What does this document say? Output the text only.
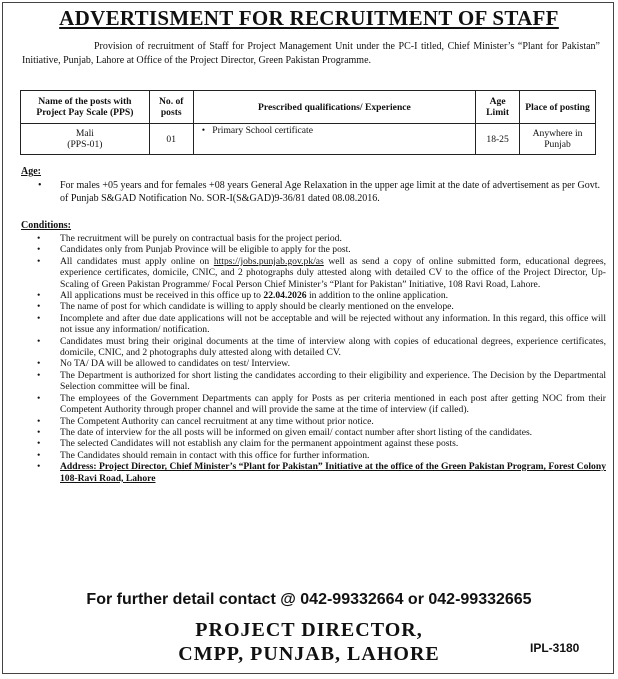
ADVERTISMENT FOR RECRUITMENT OF STAFF
Provision of recruitment of Staff for Project Management Unit under the PC-I titled, Chief Minister’s “Plant for Pakistan” Initiative, Punjab, Lahore at Office of the Project Director, Green Pakistan Programme.
Name of the posts with Project Pay Scale (PPS)	No. of posts	Prescribed qualifications/ Experience	Age Limit	Place of posting

Mali
(PPS-01)	01	• Primary School certificate	18-25	Anywhere in Punjab
Age:
•	For males +05 years and for females +08 years General Age Relaxation in the upper age limit at the date of advertisement as per Govt. of Punjab S&GAD Notification No. SOR-I(S&GAD)9-36/81 dated 08.08.2016.
Conditions:
• The recruitment will be purely on contractual basis for the project period.
• Candidates only from Punjab Province will be eligible to apply for the post.
• All candidates must apply online on https://jobs.punjab.gov.pk/as well as send a copy of online submitted form, educational degrees, experience certificates, domicile, CNIC, and 2 photographs duly attested along with detailed CV to the office of the Project Director, Up-Scaling of Green Pakistan Programme/ Focal Person Chief Minister’s “Plant for Pakistan” Initiative, 108 Ravi Road, Lahore.
• All applications must be received in this office up to 22.04.2026 in addition to the online application.
• The name of post for which candidate is willing to apply should be clearly mentioned on the envelope.
• Incomplete and after due date applications will not be acceptable and will be rejected without any information. In this regard, this office will not issue any information/ notification.
• Candidates must bring their original documents at the time of interview along with copies of educational degrees, experience certificates, domicile, CNIC, and 2 photographs duly attested along with detailed CV.
• No TA/ DA will be allowed to candidates on test/ Interview.
• The Department is authorized for short listing the candidates according to their eligibility and experience. The Decision by the Departmental Selection committee will be final.
• The employees of the Government Departments can apply for Posts as per criteria mentioned in each post after getting NOC from their Competent Authority through proper channel and will provide the same at the time of interview (if called).
• The Competent Authority can cancel recruitment at any time without prior notice.
• The date of interview for the all posts will be informed on given email/ contact number after short listing of the candidates.
• The selected Candidates will not establish any claim for the permanent appointment against these posts.
• The Candidates should remain in contact with this office for further information.
• Address: Project Director, Chief Minister’s “Plant for Pakistan” Initiative at the office of the Green Pakistan Program, Forest Colony 108-Ravi Road, Lahore
For further detail contact @ 042-99332664 or 042-99332665
PROJECT DIRECTOR,
CMPP, PUNJAB, LAHORE	IPL-3180
